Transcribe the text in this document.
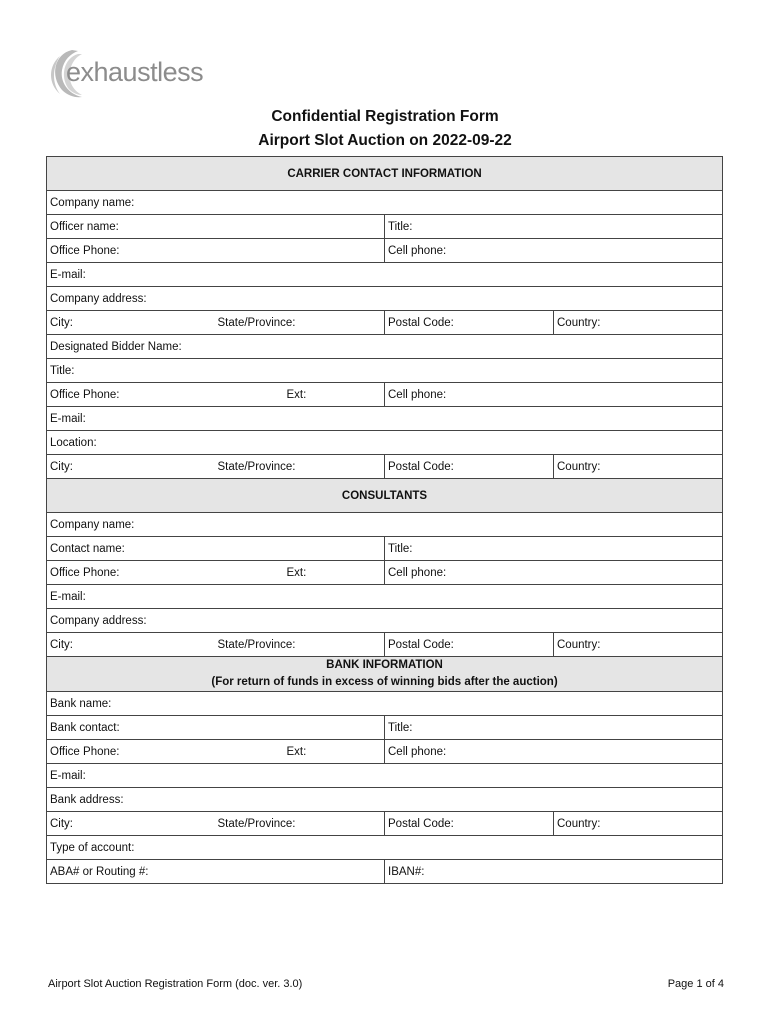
exhaustless
Confidential Registration Form
Airport Slot Auction on 2022-09-22
CARRIER CONTACT INFORMATION			
Company name:			
Officer name:		Title:	
Office Phone:		Cell phone:	
E-mail:			
Company address:			
City:	State/Province:	Postal Code:	Country:
Designated Bidder Name:			
Title:			
Office Phone:	Ext:	Cell phone:	
E-mail:			
Location:			
City:	State/Province:	Postal Code:	Country:
CONSULTANTS			
Company name:			
Contact name:		Title:	
Office Phone:	Ext:	Cell phone:	
E-mail:			
Company address:			
City:	State/Province:	Postal Code:	Country:

BANK INFORMATION
(For return of funds in excess of winning bids after the auction)			

Bank name:			
Bank contact:		Title:	
Office Phone:	Ext:	Cell phone:	
E-mail:			
Bank address:			
City:	State/Province:	Postal Code:	Country:
Type of account:			
ABA# or Routing #:		IBAN#:	
Airport Slot Auction Registration Form (doc. ver. 3.0)	Page 1 of 4
